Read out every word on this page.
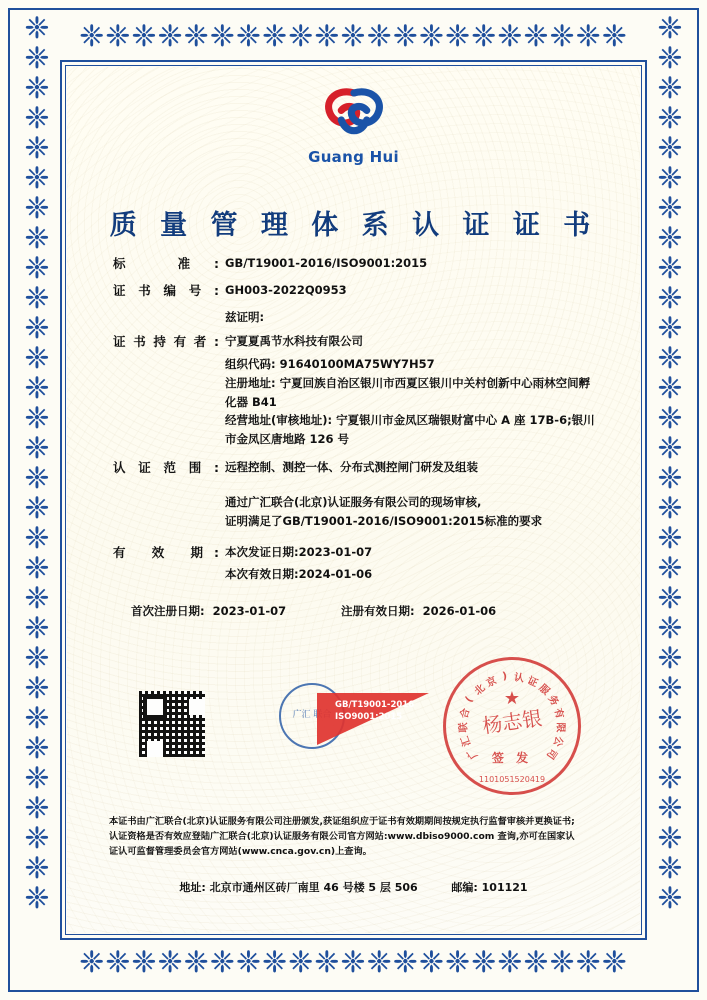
❈❈❈❈❈❈❈❈❈❈❈❈❈❈❈❈❈❈❈❈❈
❈❈❈❈❈❈❈❈❈❈❈❈❈❈❈❈❈❈❈❈❈
❈❈❈❈❈❈❈❈❈❈❈❈❈❈❈❈❈❈❈❈❈❈❈❈❈❈❈❈❈❈
❈❈❈❈❈❈❈❈❈❈❈❈❈❈❈❈❈❈❈❈❈❈❈❈❈❈❈❈❈❈
Guang Hui
质 量 管 理 体 系 认 证 证 书
标 准: GB/T19001-2016/ISO9001:2015
证书编号: GH003-2022Q0953
兹证明:
证书持有者: 宁夏夏禹节水科技有限公司
组织代码: 91640100MA75WY7H57
注册地址: 宁夏回族自治区银川市西夏区银川中关村创新中心雨林空间孵
化器 B41
经营地址(审核地址): 宁夏银川市金凤区瑞银财富中心 A 座 17B-6;银川
市金凤区唐地路 126 号
认证范围: 远程控制、测控一体、分布式测控闸门研发及组装
通过广汇联合(北京)认证服务有限公司的现场审核,
证明满足了GB/T19001-2016/ISO9001:2015标准的要求
有 效 期: 本次发证日期:2023-01-07
本次有效日期:2024-01-06
首次注册日期: 2023-01-07	注册有效日期: 2026-01-06
广汇 联合
GB/T19001-2016
ISO9001:2015
广
汇
联
合
(
北
京 ) 认 证
服
务
有
限
公
司
★
杨志银
签 发
1101051520419
本证书由广汇联合(北京)认证服务有限公司注册颁发,获证组织应于证书有效期期间按规定执行监督审核并更换证书;
认证资格是否有效应登陆广汇联合(北京)认证服务有限公司官方网站:www.dbiso9000.com 查询,亦可在国家认
证认可监督管理委员会官方网站(www.cnca.gov.cn)上查询。
地址: 北京市通州区砖厂南里 46 号楼 5 层 506	邮编: 101121
